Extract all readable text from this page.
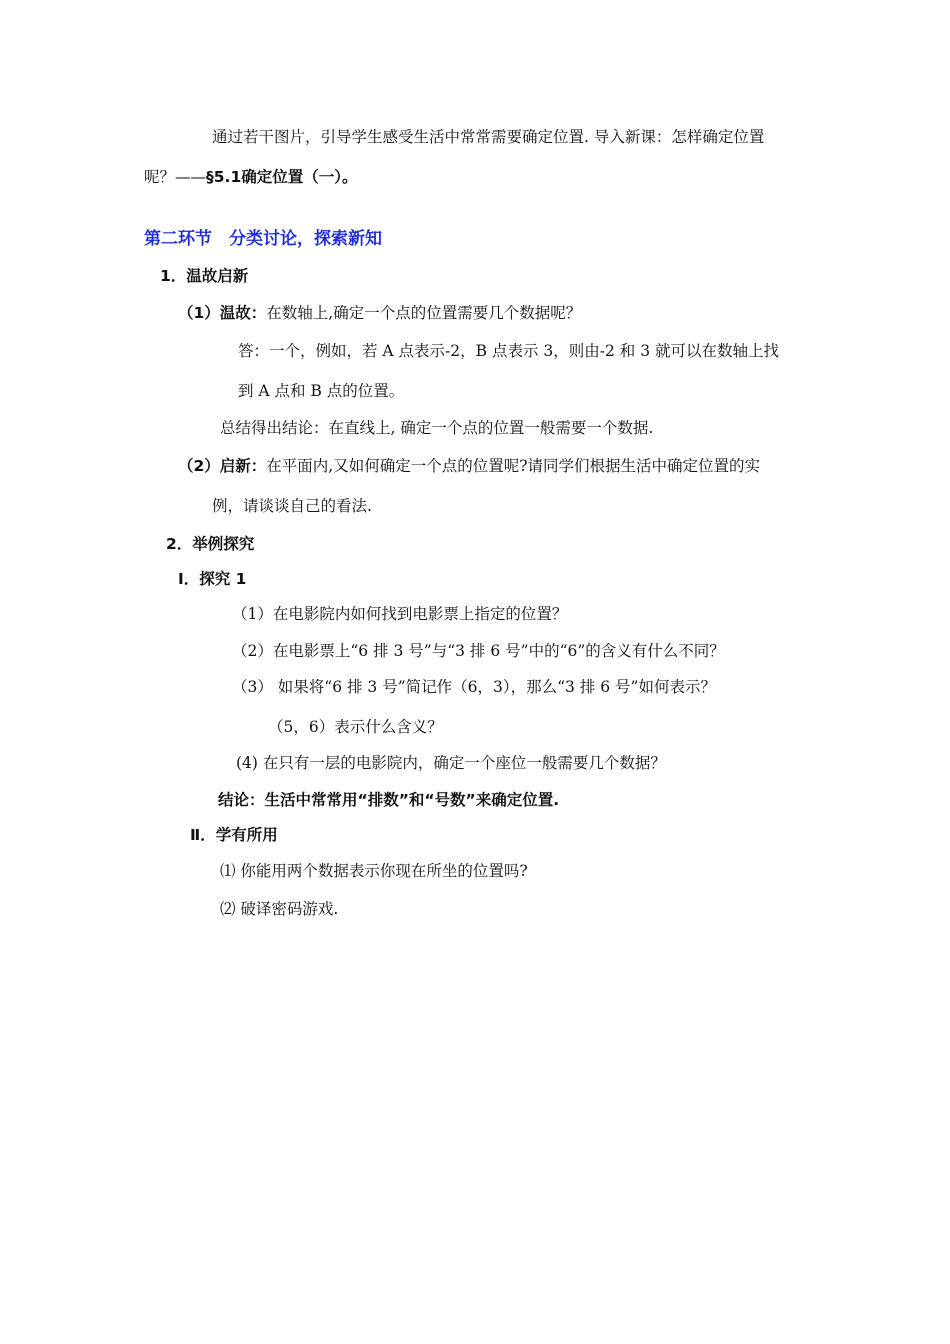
通过若干图片，引导学生感受生活中常常需要确定位置. 导入新课：怎样确定位置
呢？——§5.1确定位置（一）。
第二环节　分类讨论，探索新知
1．温故启新
（1）温故：在数轴上,确定一个点的位置需要几个数据呢？
答：一个，例如，若 A 点表示-2，B 点表示 3，则由-2 和 3 就可以在数轴上找
到 A 点和 B 点的位置。
总结得出结论：在直线上, 确定一个点的位置一般需要一个数据.
（2）启新：在平面内,又如何确定一个点的位置呢?请同学们根据生活中确定位置的实
例，请谈谈自己的看法.
2．举例探究
Ⅰ．探究 1
（1）在电影院内如何找到电影票上指定的位置？
（2）在电影票上“6 排 3 号”与“3 排 6 号”中的“6”的含义有什么不同？
（3） 如果将“6 排 3 号”简记作（6，3），那么“3 排 6 号”如何表示？
（5，6）表示什么含义？
(4) 在只有一层的电影院内，确定一个座位一般需要几个数据？
结论：生活中常常用“排数”和“号数”来确定位置.
Ⅱ．学有所用
⑴ 你能用两个数据表示你现在所坐的位置吗?
⑵ 破译密码游戏.
